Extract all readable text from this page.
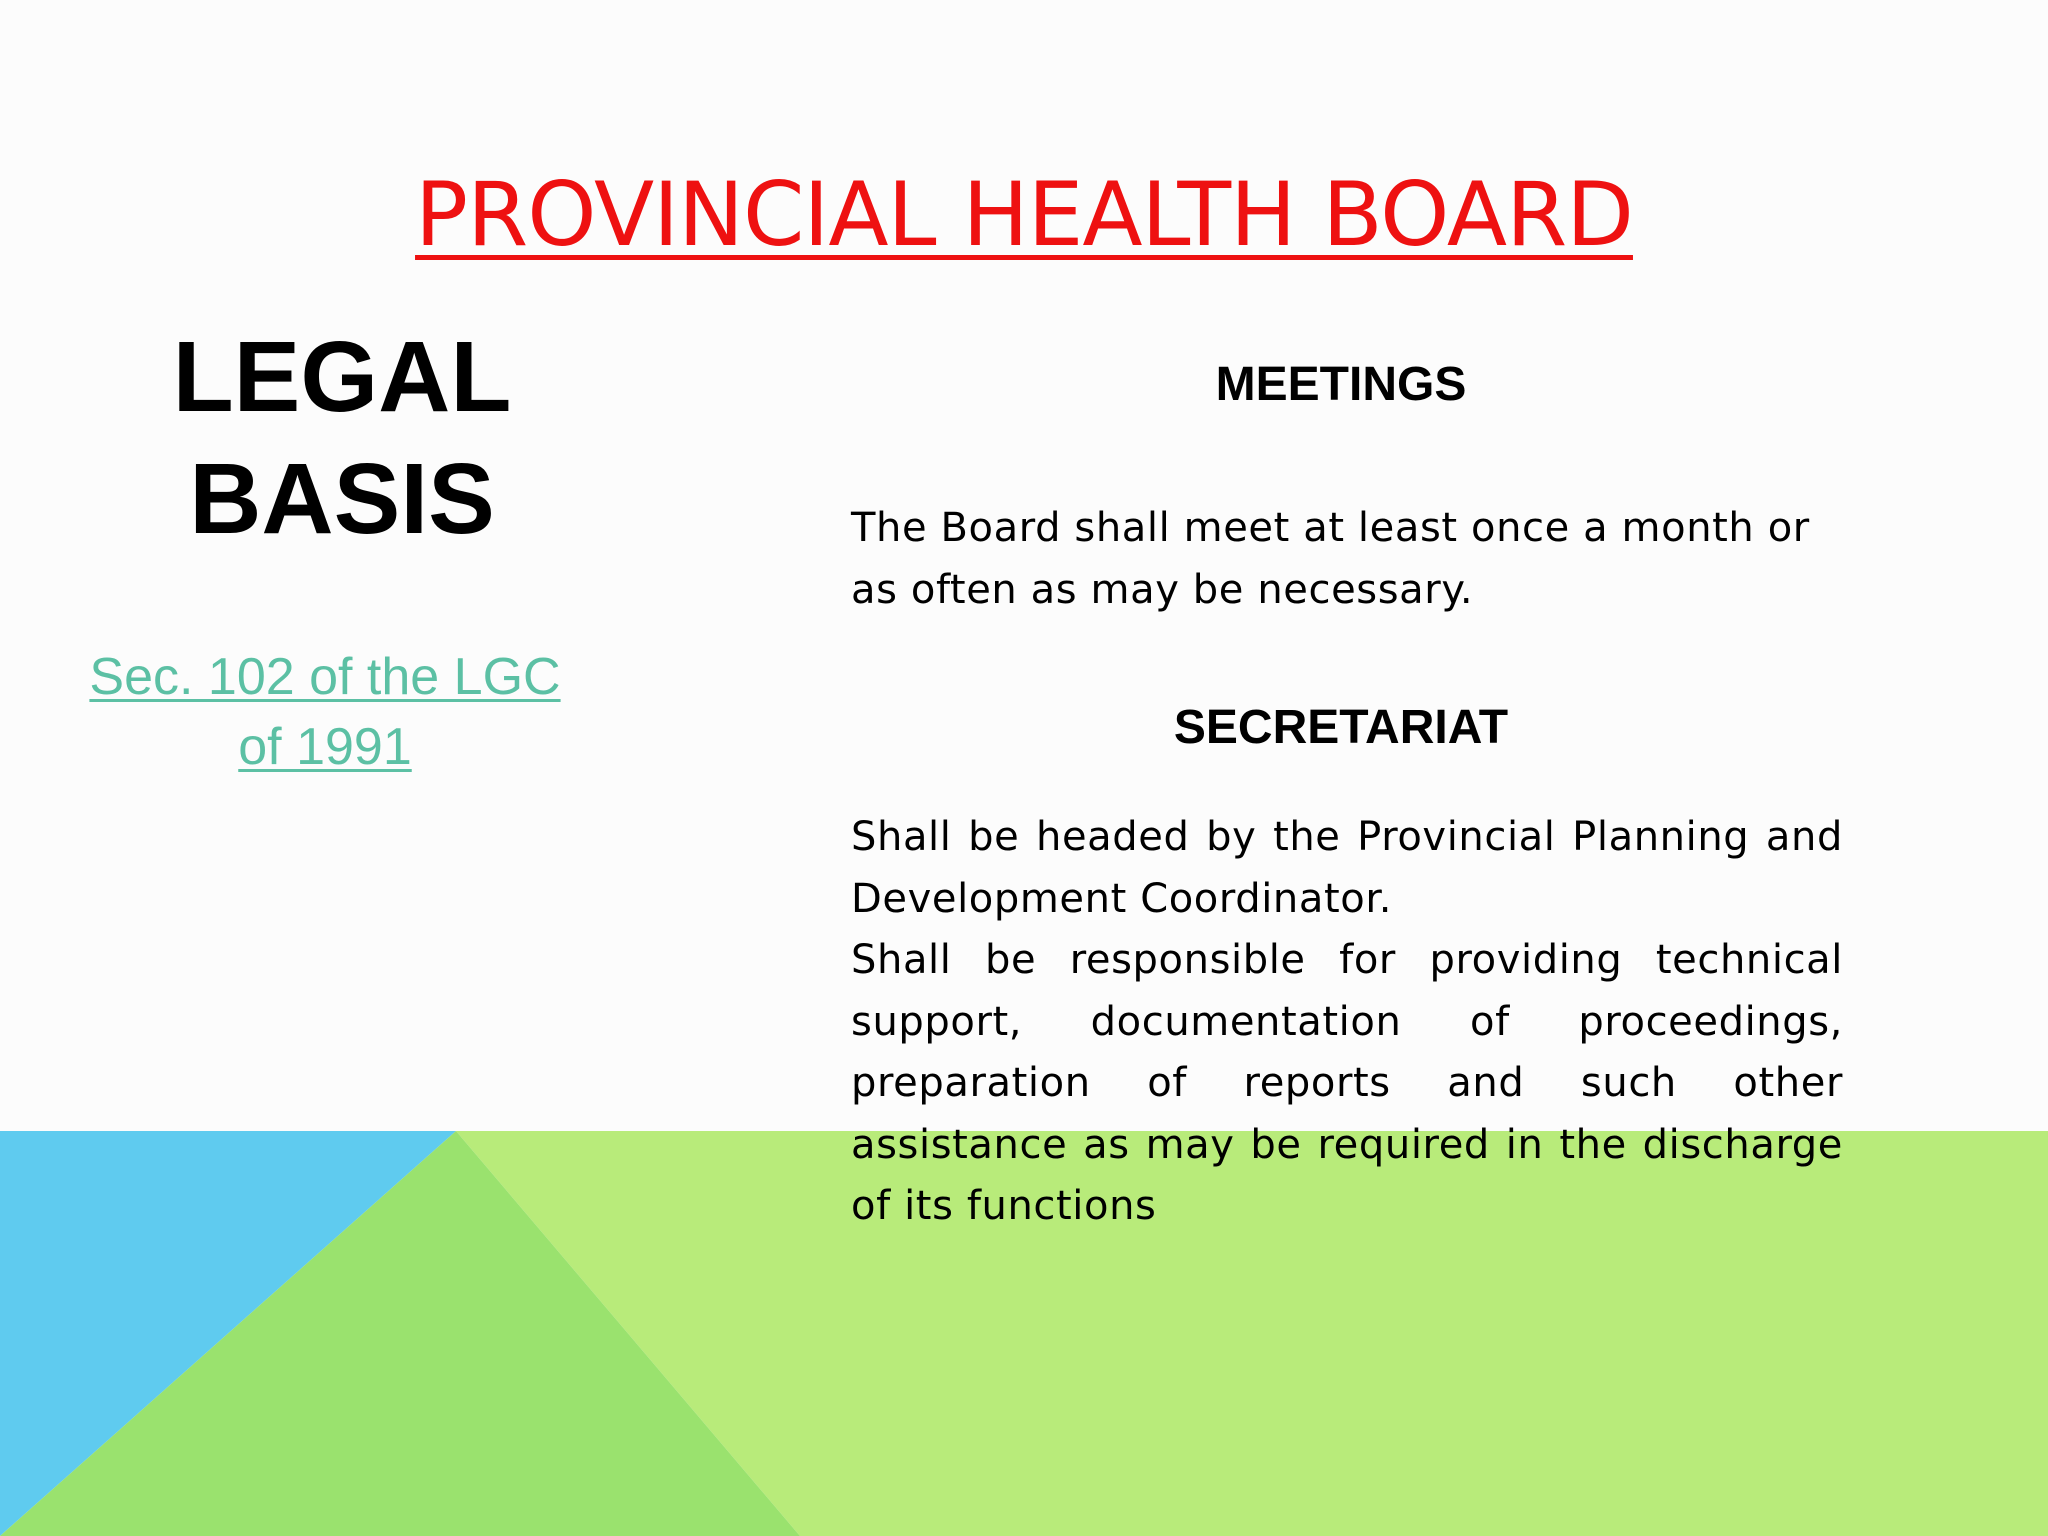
PROVINCIAL HEALTH BOARD
LEGAL
BASIS
Sec. 102 of the LGC
of 1991
MEETINGS

The Board shall meet at least once a month or as often as may be necessary.

SECRETARIAT

Shall be headed by the Provincial Planning and Development Coordinator.

Shall be responsible for providing technical support, documentation of proceedings, preparation of reports and such other assistance as may be required in the discharge of its functions
